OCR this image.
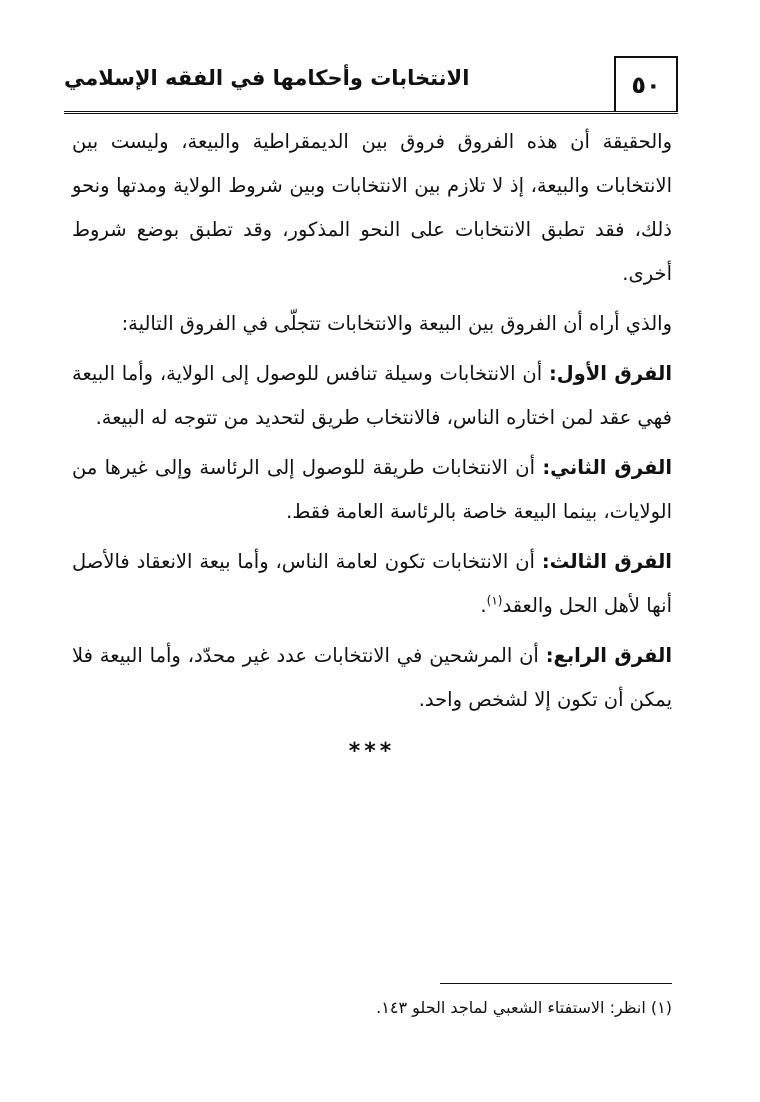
٥٠
الانتخابات وأحكامها في الفقه الإسلامي

والحقيقة أن هذه الفروق فروق بين الديمقراطية والبيعة، وليست بين الانتخابات والبيعة، إذ لا تلازم بين الانتخابات وبين شروط الولاية ومدتها ونحو ذلك، فقد تطبق الانتخابات على النحو المذكور، وقد تطبق بوضع شروط أخرى.

والذي أراه أن الفروق بين البيعة والانتخابات تتجلّى في الفروق التالية:

الفرق الأول: أن الانتخابات وسيلة تنافس للوصول إلى الولاية، وأما البيعة فهي عقد لمن اختاره الناس، فالانتخاب طريق لتحديد من تتوجه له البيعة.

الفرق الثاني: أن الانتخابات طريقة للوصول إلى الرئاسة وإلى غيرها من الولايات، بينما البيعة خاصة بالرئاسة العامة فقط.

الفرق الثالث: أن الانتخابات تكون لعامة الناس، وأما بيعة الانعقاد فالأصل أنها لأهل الحل والعقد$^{(١)}$.

الفرق الرابع: أن المرشحين في الانتخابات عدد غير محدّد، وأما البيعة فلا يمكن أن تكون إلا لشخص واحد.

***

(١) انظر: الاستفتاء الشعبي لماجد الحلو ١٤٣.
